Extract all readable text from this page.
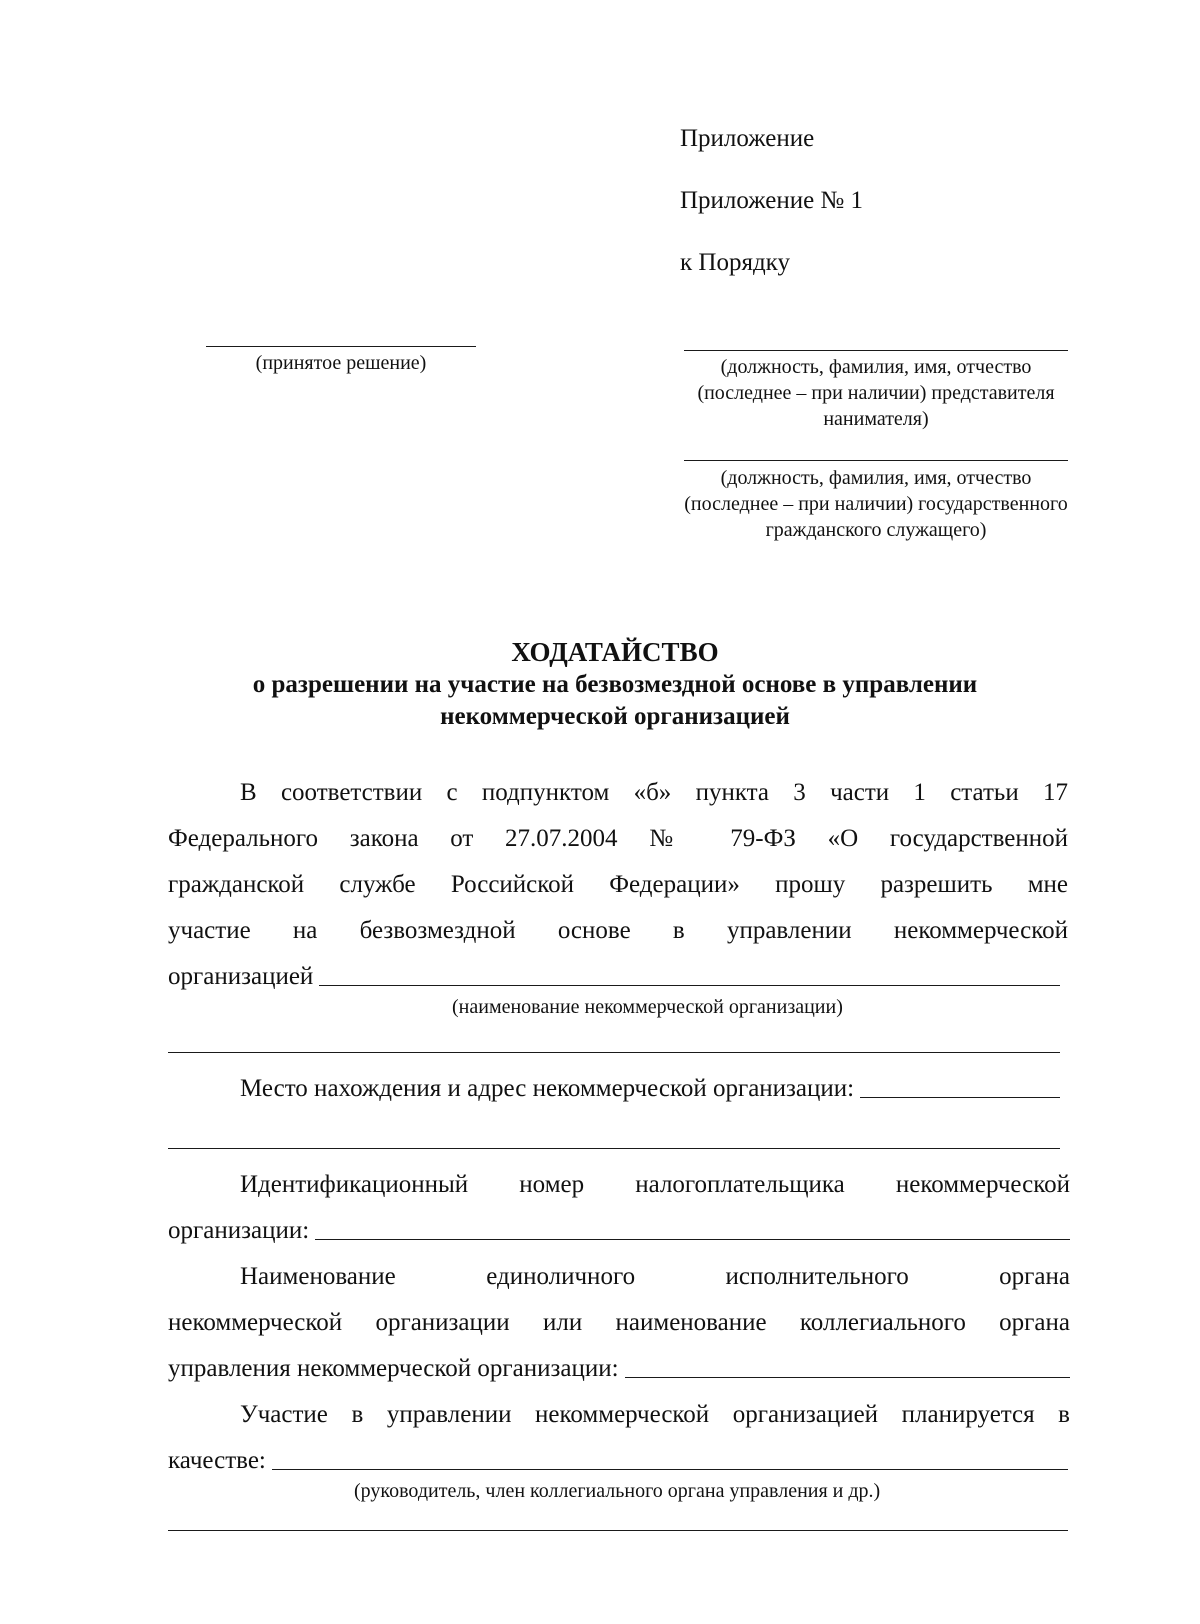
Приложение
Приложение № 1
к Порядку
(принятое решение)	(должность, фамилия, имя, отчество (последнее – при наличии) представителя нанимателя)
(должность, фамилия, имя, отчество (последнее – при наличии) государственного гражданского служащего)
ХОДАТАЙСТВО
о разрешении на участие на безвозмездной основе в управлении
некоммерческой организацией
В соответствии с подпунктом «б» пункта 3 части 1 статьи 17
Федерального закона от 27.07.2004 № 79-ФЗ «О государственной
гражданской службе Российской Федерации» прошу разрешить мне
участие на безвозмездной основе в управлении некоммерческой
организацией
(наименование некоммерческой организации)
Место нахождения и адрес некоммерческой организации:
Идентификационный номер налогоплательщика некоммерческой
организации:
Наименование единоличного исполнительного органа
некоммерческой организации или наименование коллегиального органа
управления некоммерческой организации:
Участие в управлении некоммерческой организацией планируется в
качестве:
(руководитель, член коллегиального органа управления и др.)
